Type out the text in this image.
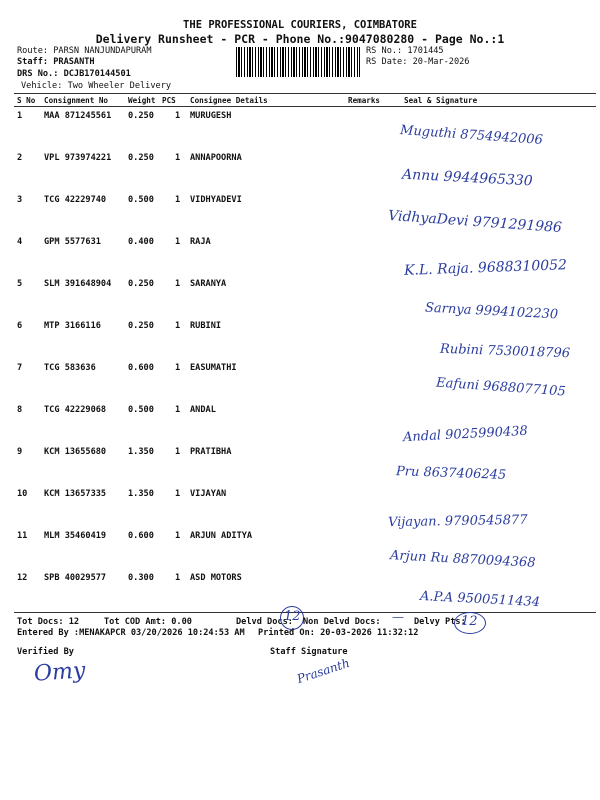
THE PROFESSIONAL COURIERS, COIMBATORE
Delivery Runsheet - PCR - Phone No.:9047080280 - Page No.:1
Route: PARSN NANJUNDAPURAM
Staff: PRASANTH
DRS No.: DCJB170144501
Vehicle: Two Wheeler Delivery
RS No.: 1701445
RS Date: 20-Mar-2026
S No Consignment No	Weight PCS Consignee Details	Remarks	Seal & Signature
1	MAA 871245561 0.250 1 MURUGESH
Muguthi 8754942006
2	VPL 973974221 0.250 1 ANNAPOORNA
Annu 9944965330
3	TCG 42229740	0.500 1 VIDHYADEVI
VidhyaDevi 9791291986
4	GPM 5577631	0.400 1 RAJA
K.L. Raja. 9688310052
5	SLM 391648904 0.250 1 SARANYA
Sarnya 9994102230
6	MTP 3166116	0.250 1 RUBINI
Rubini 7530018796
7	TCG 583636	0.600 1 EASUMATHI
Eafuni 9688077105
8	TCG 42229068	0.500 1 ANDAL
Andal 9025990438
9	KCM 13655680	1.350 1 PRATIBHA
Pru 8637406245
10 KCM 13657335	1.350 1 VIJAYAN
Vijayan. 9790545877
11 MLM 35460419	0.600 1 ARJUN ADITYA
Arjun Ru 8870094368
12 SPB 40029577	0.300 1 ASD MOTORS
A.P.A 9500511434
Tot Docs: 12	Tot COD Amt: 0.00	Delvd Docs:
12 Non Delvd Docs: — Delvy Pts:
12
Entered By :MENAKAPCR 03/20/2026 10:24:53 AM Printed On: 20-03-2026 11:32:12
Verified By
Omy
Staff Signature
Prasanth
